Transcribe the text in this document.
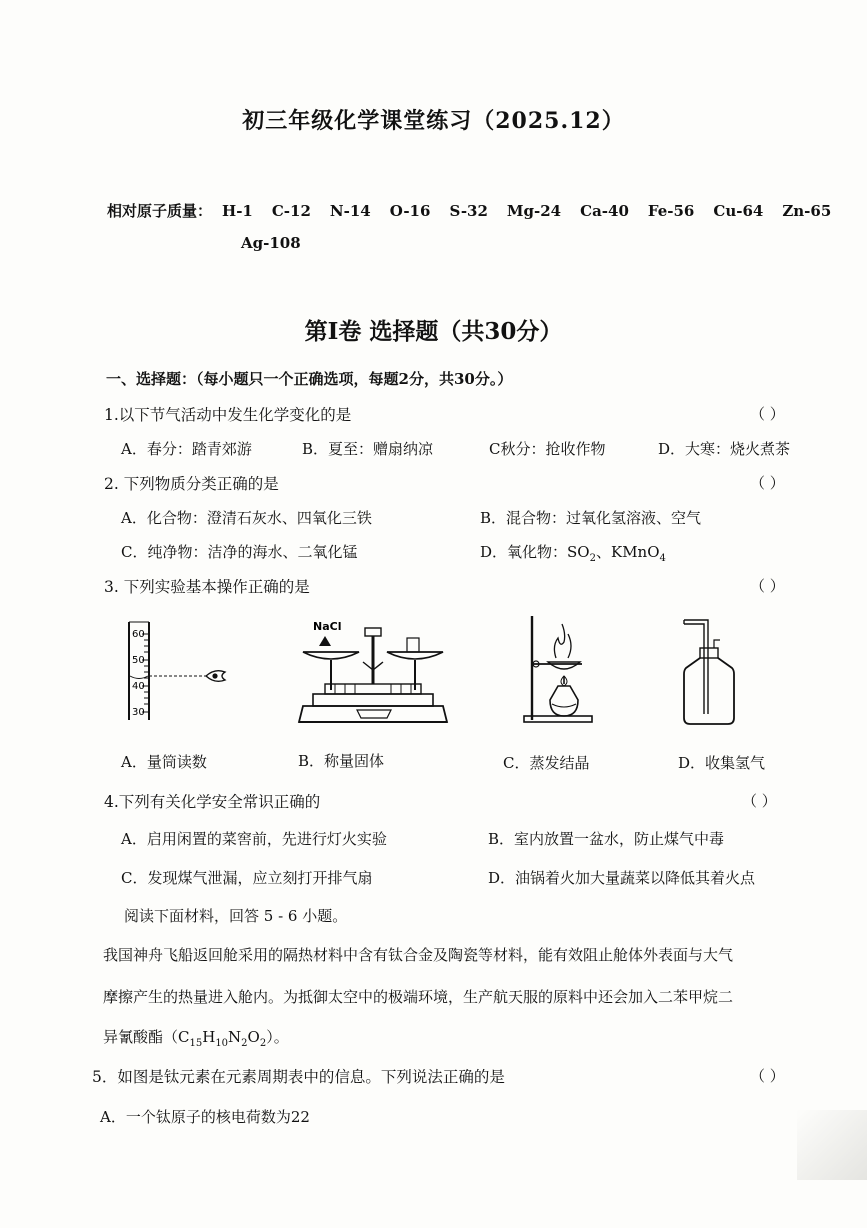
初三年级化学课堂练习（2025.12）
相对原子质量： H-1 C-12 N-14 O-16 S-32 Mg-24 Ca-40 Fe-56 Cu-64 Zn-65
Ag-108
第Ⅰ卷 选择题（共30分）
一、选择题：（每小题只一个正确选项，每题2分，共30分。）
1.以下节气活动中发生化学变化的是	（ ）
A．春分：踏青郊游	B．夏至：赠扇纳凉	C秋分：抢收作物	D．大寒：烧火煮茶
2. 下列物质分类正确的是	（ ）
A．化合物：澄清石灰水、四氧化三铁	B．混合物：过氧化氢溶液、空气
C．纯净物：洁净的海水、二氧化锰	D．氧化物：$SO_2$、KMnO$_4$
3. 下列实验基本操作正确的是	（ ）
60
50
40
30
NaCl
A．量筒读数	B．称量固体	C．蒸发结晶	D．收集氢气
4.下列有关化学安全常识正确的	（ ）
A．启用闲置的菜窖前，先进行灯火实验	B．室内放置一盆水，防止煤气中毒
C．发现煤气泄漏，应立刻打开排气扇	D．油锅着火加大量蔬菜以降低其着火点
阅读下面材料，回答 5 - 6 小题。
我国神舟飞船返回舱采用的隔热材料中含有钛合金及陶瓷等材料，能有效阻止舱体外表面与大气
摩擦产生的热量进入舱内。为抵御太空中的极端环境，生产航天服的原料中还会加入二苯甲烷二
异氰酸酯$(C_{15}H_{10}N_2O_2)$。
5．如图是钛元素在元素周期表中的信息。下列说法正确的是	（ ）
A．一个钛原子的核电荷数为22
